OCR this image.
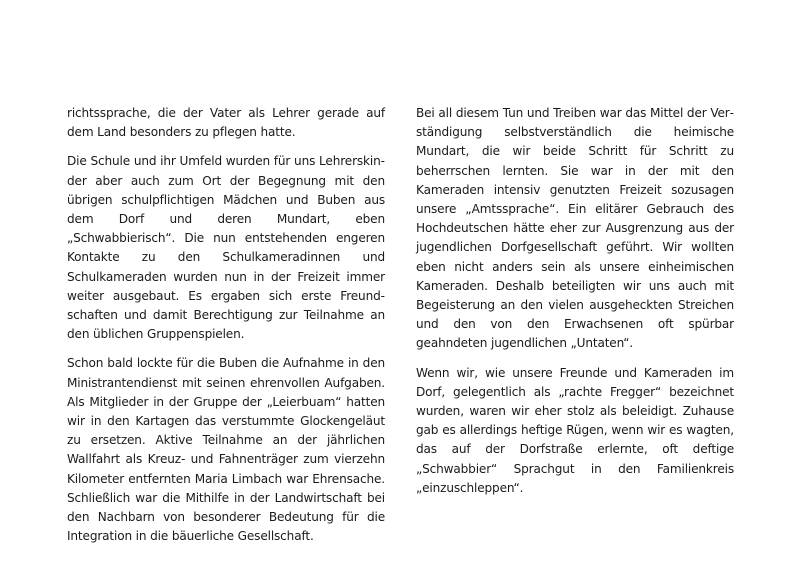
richtssprache, die der Vater als Lehrer gerade auf dem Land besonders zu pflegen hatte.

Die Schule und ihr Umfeld wurden für uns Lehrerskinder aber auch zum Ort der Begegnung mit den übrigen schulpflichtigen Mädchen und Buben aus dem Dorf und deren Mundart, eben „Schwabbierisch“. Die nun entstehenden engeren Kontakte zu den Schulkameradinnen und Schulkameraden wurden nun in der Freizeit immer weiter ausgebaut. Es ergaben sich erste Freundschaften und damit Berechtigung zur Teilnahme an den üblichen Gruppenspielen.

Schon bald lockte für die Buben die Aufnahme in den Ministrantendienst mit seinen ehrenvollen Aufgaben. Als Mitglieder in der Gruppe der „Leierbuam“ hatten wir in den Kartagen das verstummte Glockengeläut zu ersetzen. Aktive Teilnahme an der jährlichen Wallfahrt als Kreuz- und Fahnenträger zum vierzehn Kilometer entfernten Maria Limbach war Ehrensache. Schließlich war die Mithilfe in der Landwirtschaft bei den Nachbarn von besonderer Bedeutung für die Integration in die bäuerliche Gesellschaft.

Bei all diesem Tun und Treiben war das Mittel der Verständigung selbstverständlich die heimische Mundart, die wir beide Schritt für Schritt zu beherrschen lernten. Sie war in der mit den Kameraden intensiv genutzten Freizeit sozusagen unsere „Amtssprache“. Ein elitärer Gebrauch des Hochdeutschen hätte eher zur Ausgrenzung aus der jugendlichen Dorfgesellschaft geführt. Wir wollten eben nicht anders sein als unsere einheimischen Kameraden. Deshalb beteiligten wir uns auch mit Begeisterung an den vielen ausgeheckten Streichen und den von den Erwachsenen oft spürbar geahndeten jugendlichen „Untaten“.

Wenn wir, wie unsere Freunde und Kameraden im Dorf, gelegentlich als „rachte Fregger“ bezeichnet wurden, waren wir eher stolz als beleidigt. Zuhause gab es allerdings heftige Rügen, wenn wir es wagten, das auf der Dorfstraße erlernte, oft deftige „Schwabbier“ Sprachgut in den Familienkreis „einzuschleppen“.
